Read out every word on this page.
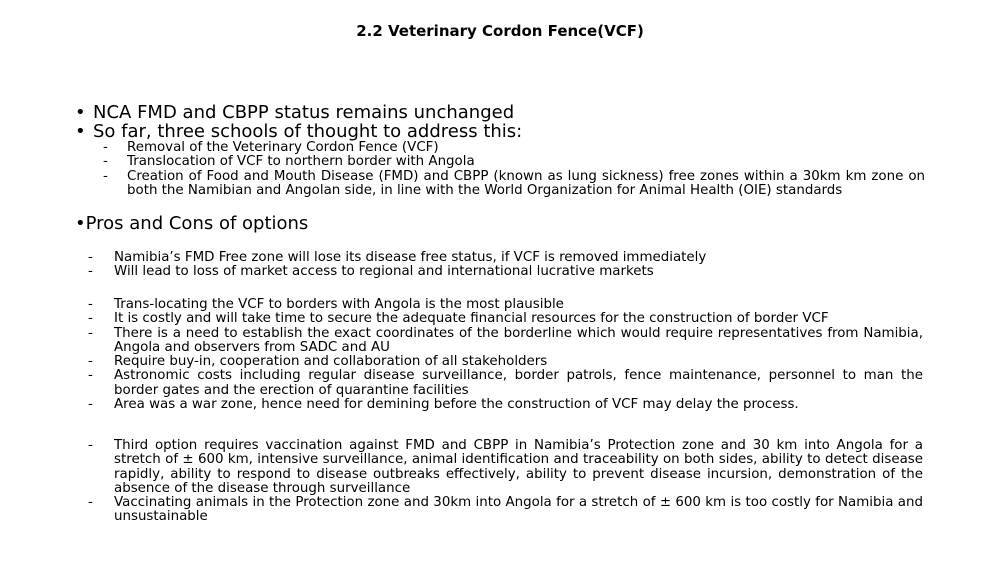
2.2 Veterinary Cordon Fence(VCF)
• NCA FMD and CBPP status remains unchanged
• So far, three schools of thought to address this:
-	Removal of the Veterinary Cordon Fence (VCF)
-	Translocation of VCF to northern border with Angola
-	Creation of Food and Mouth Disease (FMD) and CBPP (known as lung sickness) free zones within a 30km km zone on both the Namibian and Angolan side, in line with the World Organization for Animal Health (OIE) standards
•Pros and Cons of options
-	Namibia’s FMD Free zone will lose its disease free status, if VCF is removed immediately
-	Will lead to loss of market access to regional and international lucrative markets
-	Trans-locating the VCF to borders with Angola is the most plausible
-	It is costly and will take time to secure the adequate financial resources for the construction of border VCF
-	There is a need to establish the exact coordinates of the borderline which would require representatives from Namibia, Angola and observers from SADC and AU
-	Require buy-in, cooperation and collaboration of all stakeholders
-	Astronomic costs including regular disease surveillance, border patrols, fence maintenance, personnel to man the border gates and the erection of quarantine facilities
-	Area was a war zone, hence need for demining before the construction of VCF may delay the process.
-	Third option requires vaccination against FMD and CBPP in Namibia’s Protection zone and 30 km into Angola for a stretch of ± 600 km, intensive surveillance, animal identification and traceability on both sides, ability to detect disease rapidly, ability to respond to disease outbreaks effectively, ability to prevent disease incursion, demonstration of the absence of the disease through surveillance
-	Vaccinating animals in the Protection zone and 30km into Angola for a stretch of ± 600 km is too costly for Namibia and unsustainable
